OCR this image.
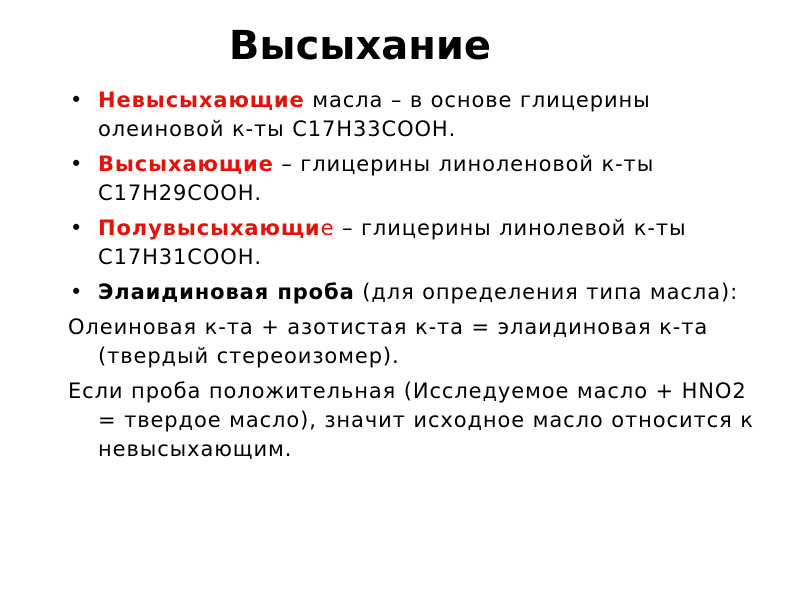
Высыхание
• Невысыхающие масла – в основе глицерины олеиновой к-ты С17Н33СООН.
• Высыхающие – глицерины линоленовой к-ты С17Н29СООН.
• Полувысыхающие – глицерины линолевой к-ты С17Н31СООН.
• Элаидиновая проба (для определения типа масла):

Олеиновая к-та + азотистая к-та = элаидиновая к-та (твердый стереоизомер).

Если проба положительная (Исследуемое масло + HNO2 = твердое масло), значит исходное масло относится к невысыхающим.
